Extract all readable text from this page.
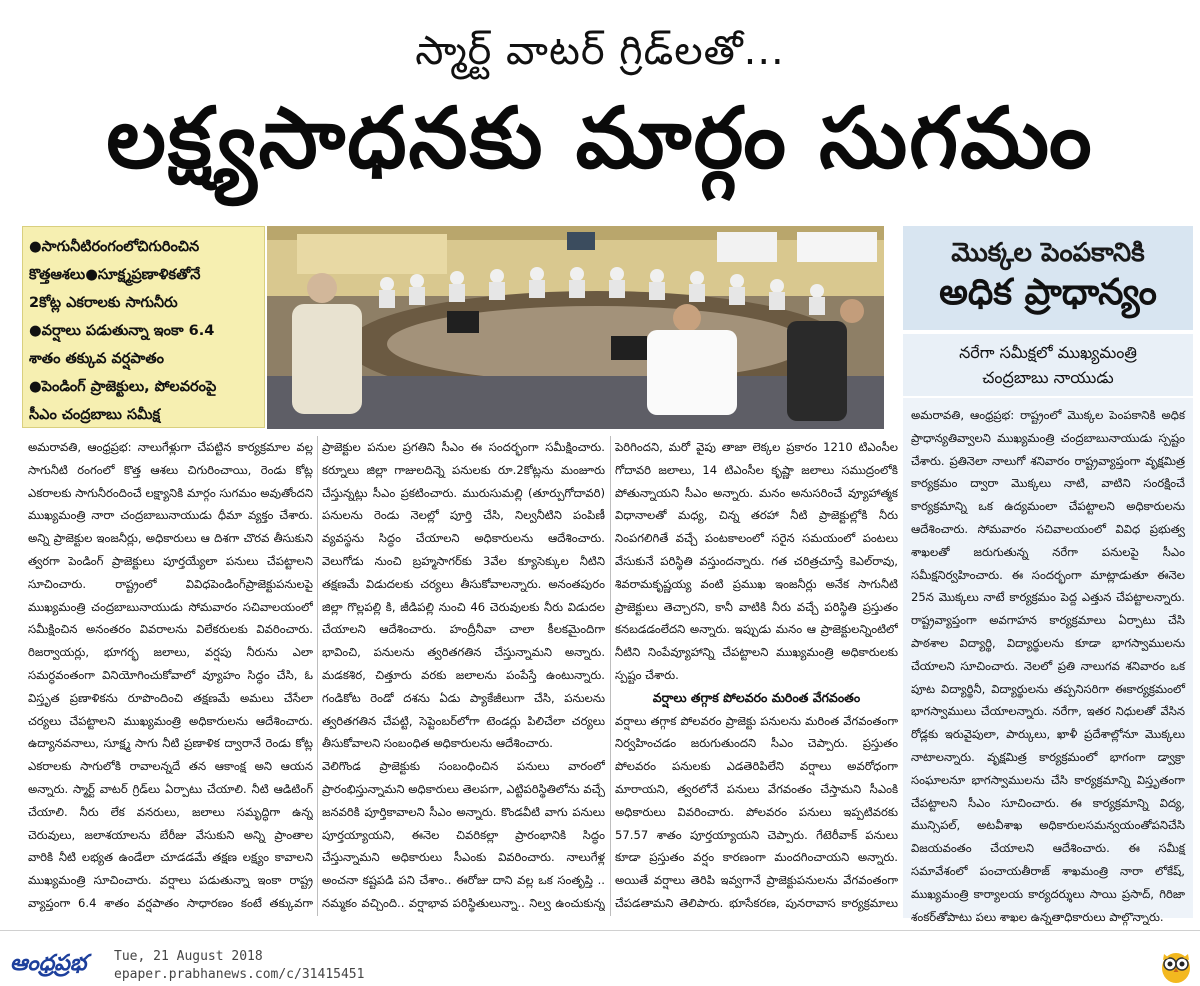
స్మార్ట్ వాటర్ గ్రిడ్‌లతో...
లక్ష్యసాధనకు మార్గం సుగమం
●సాగునీటిరంగంలోచిగురించిన
కొత్తఆశలు●సూక్ష్మప్రణాళికతోనే
2కోట్ల ఎకరాలకు సాగునీరు
●వర్షాలు పడుతున్నా ఇంకా 6.4
శాతం తక్కువ వర్షపాతం
●పెండింగ్ ప్రాజెక్టులు, పోలవరంపై
సీఎం చంద్రబాబు సమీక్ష
మొక్కల పెంపకానికి
అధిక ప్రాధాన్యం
నరేగా సమీక్షలో ముఖ్యమంత్రి
చంద్రబాబు నాయుడు
అమరావతి, ఆంధ్రప్రభ: రాష్ట్రంలో మొక్కల పెంపకానికి అధిక ప్రాధాన్యతివ్వాలని ముఖ్యమంత్రి చంద్రబాబునాయుడు స్పష్టం చేశారు. ప్రతినెలా నాలుగో శనివారం రాష్ట్రవ్యాప్తంగా వృక్షమిత్ర కార్యక్రమం ద్వారా మొక్కలు నాటి, వాటిని సంరక్షించే కార్యక్రమాన్ని ఒక ఉద్యమంలా చేపట్టాలని అధికారులను ఆదేశించారు. సోమవారం సచివాలయంలో వివిధ ప్రభుత్వ శాఖలతో జరుగుతున్న నరేగా పనులపై సీఎం సమీక్షనిర్వహించారు. ఈ సందర్భంగా మాట్లాడుతూ ఈనెల 25న మొక్కలు నాటే కార్యక్రమం పెద్ద ఎత్తున చేపట్టాలన్నారు. రాష్ట్రవ్యాప్తంగా అవగాహన కార్యక్రమాలు ఏర్పాటు చేసి పాఠశాల విద్యార్థి, విద్యార్థులను కూడా భాగస్వాములను చేయాలని సూచించారు. నెలలో ప్రతి నాలుగవ శనివారం ఒక పూట విద్యార్థినీ, విద్యార్థులను తప్పనిసరిగా ఈకార్యక్రమంలో భాగస్వాములు చేయాలన్నారు. నరేగా, ఇతర నిధులతో వేసిన రోడ్లకు ఇరువైపులా, పార్కులు, ఖాళీ ప్రదేశాల్లోనూ మొక్కలు నాటాలన్నారు. వృక్షమిత్ర కార్యక్రమంలో భాగంగా డ్వాక్రా సంఘాలనూ భాగస్వాములను చేసి కార్యక్రమాన్ని విస్తృతంగా చేపట్టాలని సీఎం సూచించారు. ఈ కార్యక్రమాన్ని విద్య, మున్సిపల్, అటవీశాఖ అధికారులసమన్వయంతోపనిచేసి విజయవంతం చేయాలని ఆదేశించారు. ఈ సమీక్ష సమావేశంలో పంచాయతీరాజ్ శాఖమంత్రి నారా లోకేష్, ముఖ్యమంత్రి కార్యాలయ కార్యదర్శులు సాయి ప్రసాద్, గిరిజా శంకర్‌తోపాటు పలు శాఖల ఉన్నతాధికారులు పాల్గొన్నారు.
అమరావతి, ఆంధ్రప్రభ: నాలుగేళ్లుగా చేపట్టిన కార్యక్రమాల వల్ల సాగునీటి రంగంలో కొత్త ఆశలు చిగురించాయి, రెండు కోట్ల ఎకరాలకు సాగునీరందించే లక్ష్యానికి మార్గం సుగమం అవుతోందని ముఖ్యమంత్రి నారా చంద్రబాబునాయుడు ధీమా వ్యక్తం చేశారు. అన్ని ప్రాజెక్టుల ఇంజనీర్లు, అధికారులు ఆ దిశగా చొరవ తీసుకుని త్వరగా పెండింగ్ ప్రాజెక్టులు పూర్తయ్యేలా పనులు చేపట్టాలని సూచించారు. రాష్ట్రంలో వివిధపెండింగ్‌ప్రాజెక్టుపనులపై ముఖ్యమంత్రి చంద్రబాబునాయుడు సోమవారం సచివాలయంలో సమీక్షించిన అనంతరం వివరాలను విలేకరులకు వివరించారు. రిజర్వాయర్లు, భూగర్భ జలాలు, వర్షపు నీరును ఎలా సమర్ధవంతంగా వినియోగించుకోవాలో వ్యూహం సిద్ధం చేసి, ఓ విస్తృత ప్రణాళికను రూపొందించి తక్షణమే అమలు చేసేలా చర్యలు చేపట్టాలని ముఖ్యమంత్రి అధికారులను ఆదేశించారు. ఉద్యానవనాలు, సూక్ష్మ సాగు నీటి ప్రణాళిక ద్వారానే రెండు కోట్ల ఎకరాలకు సాగులోకి రావాలన్నదే తన ఆకాంక్ష అని ఆయన అన్నారు. స్మార్ట్ వాటర్ గ్రిడ్‌లు ఏర్పాటు చేయాలి. నీటి ఆడిటింగ్ చేయాలి. నీరు లేక వనరులు, జలాలు సమృద్ధిగా ఉన్న చెరువులు, జలాశయాలను బేరీజు వేసుకుని అన్ని ప్రాంతాల వారికి నీటి లభ్యత ఉండేలా చూడడమే తక్షణ లక్ష్యం కావాలని ముఖ్యమంత్రి సూచించారు. వర్షాలు పడుతున్నా ఇంకా రాష్ట్ర వ్యాప్తంగా 6.4 శాతం వర్షపాతం సాధారణం కంటే తక్కువగా
ప్రాజెక్టుల పనుల ప్రగతిని సీఎం ఈ సందర్భంగా సమీక్షించారు. కర్నూలు జిల్లా గాజులదిన్నె పనులకు రూ.2కోట్లను మంజూరు చేస్తున్నట్లు సీఎం ప్రకటించారు. మురుసుమల్లి (తూర్పుగోదావరి) పనులను రెండు నెలల్లో పూర్తి చేసి, నిల్వనీటిని పంపిణీ వ్యవస్థను సిద్ధం చేయాలని అధికారులను ఆదేశించారు. వెలుగోడు నుంచి బ్రహ్మసాగర్‌కు 3వేల క్యూసెక్కుల నీటిని తక్షణమే విడుదలకు చర్యలు తీసుకోవాలన్నారు. అనంతపురం జిల్లా గొల్లపల్లి కి, జీడిపల్లి నుంచి 46 చెరువులకు నీరు విడుదల చేయాలని ఆదేశించారు. హంద్రీనీవా చాలా కీలకమైందిగా భావించి, పనులను త్వరితగతిన చేస్తున్నామని అన్నారు. మడకశిర, చిత్తూరు వరకు జలాలను పంపేస్తే ఉంటున్నారు. గండికోట రెండో దశను ఏడు ప్యాకేజీలుగా చేసి, పనులను త్వరితగతిన చేపట్టి, సెప్టెంబర్‌లోగా టెండర్లు పిలిచేలా చర్యలు తీసుకోవాలని సంబంధిత అధికారులను ఆదేశించారు.
వెలిగొండ ప్రాజెక్టుకు సంబంధించిన పనులు వారంలో ప్రారంభిస్తున్నామని అధికారులు తెలపగా, ఎట్టిపరిస్థితిలోను వచ్చే జనవరికి పూర్తికావాలని సీఎం అన్నారు. కొండవీటి వాగు పనులు పూర్తయ్యాయని, ఈనెల చివరికల్లా ప్రారంభానికి సిద్ధం చేస్తున్నామని అధికారులు సీఎంకు వివరించారు. నాలుగేళ్ల అంచనా కష్టపడి పని చేశాం.. ఈరోజు దాని వల్ల ఒక సంతృప్తి .. నమ్మకం వచ్చింది.. వర్షాభావ పరిస్థితులున్నా.. నిల్వ ఉంచుకున్న
పెరిగిందని, మరో వైపు తాజా లెక్కల ప్రకారం 1210 టిఎంసీల గోదావరి జలాలు, 14 టిఎంసీల కృష్ణా జలాలు సముద్రంలోకి పోతున్నాయని సీఎం అన్నారు. మనం అనుసరించే వ్యూహాత్మక విధానాలతో మధ్య, చిన్న తరహా నీటి ప్రాజెక్టుల్లోకి నీరు నింపగలిగితే వచ్చే పంటకాలంలో సరైన సమయంలో పంటలు వేసుకునే పరిస్థితి వస్తుందన్నారు. గత చరిత్రచూస్తే కెఎల్‌రావు, శివరామకృష్ణయ్య వంటి ప్రముఖ ఇంజనీర్లు అనేక సాగునీటి ప్రాజెక్టులు తెచ్చారని, కానీ వాటికి నీరు వచ్చే పరిస్థితి ప్రస్తుతం కనబడడంలేదని అన్నారు. ఇప్పుడు మనం ఆ ప్రాజెక్టులన్నింటిలో నీటిని నింపేవ్యూహాన్ని చేపట్టాలని ముఖ్యమంత్రి అధికారులకు స్పష్టం చేశారు.
వర్షాలు తగ్గాక పోలవరం మరింత వేగవంతం
వర్షాలు తగ్గాక పోలవరం ప్రాజెక్టు పనులను మరింత వేగవంతంగా నిర్వహించడం జరుగుతుందని సీఎం చెప్పారు. ప్రస్తుతం పోలవరం పనులకు ఎడతెరిపిలేని వర్షాలు అవరోధంగా మారాయని, త్వరలోనే పనులు వేగవంతం చేస్తామని సీఎంకి అధికారులు వివరించారు. పోలవరం పనులు ఇప్పటివరకు 57.57 శాతం పూర్తయ్యాయని చెప్పారు. గేటెరీవాక్ పనులు కూడా ప్రస్తుతం వర్షం కారణంగా మందగించాయని అన్నారు. అయితే వర్షాలు తెరిపి ఇవ్వగానే ప్రాజెక్టుపనులను వేగవంతంగా చేపడతామని తెలిపారు. భూసేకరణ, పునరావాస కార్యక్రమాలు
ఆంధ్రప్రభ Tue, 21 August 2018
epaper.prabhanews.com/c/31415451
